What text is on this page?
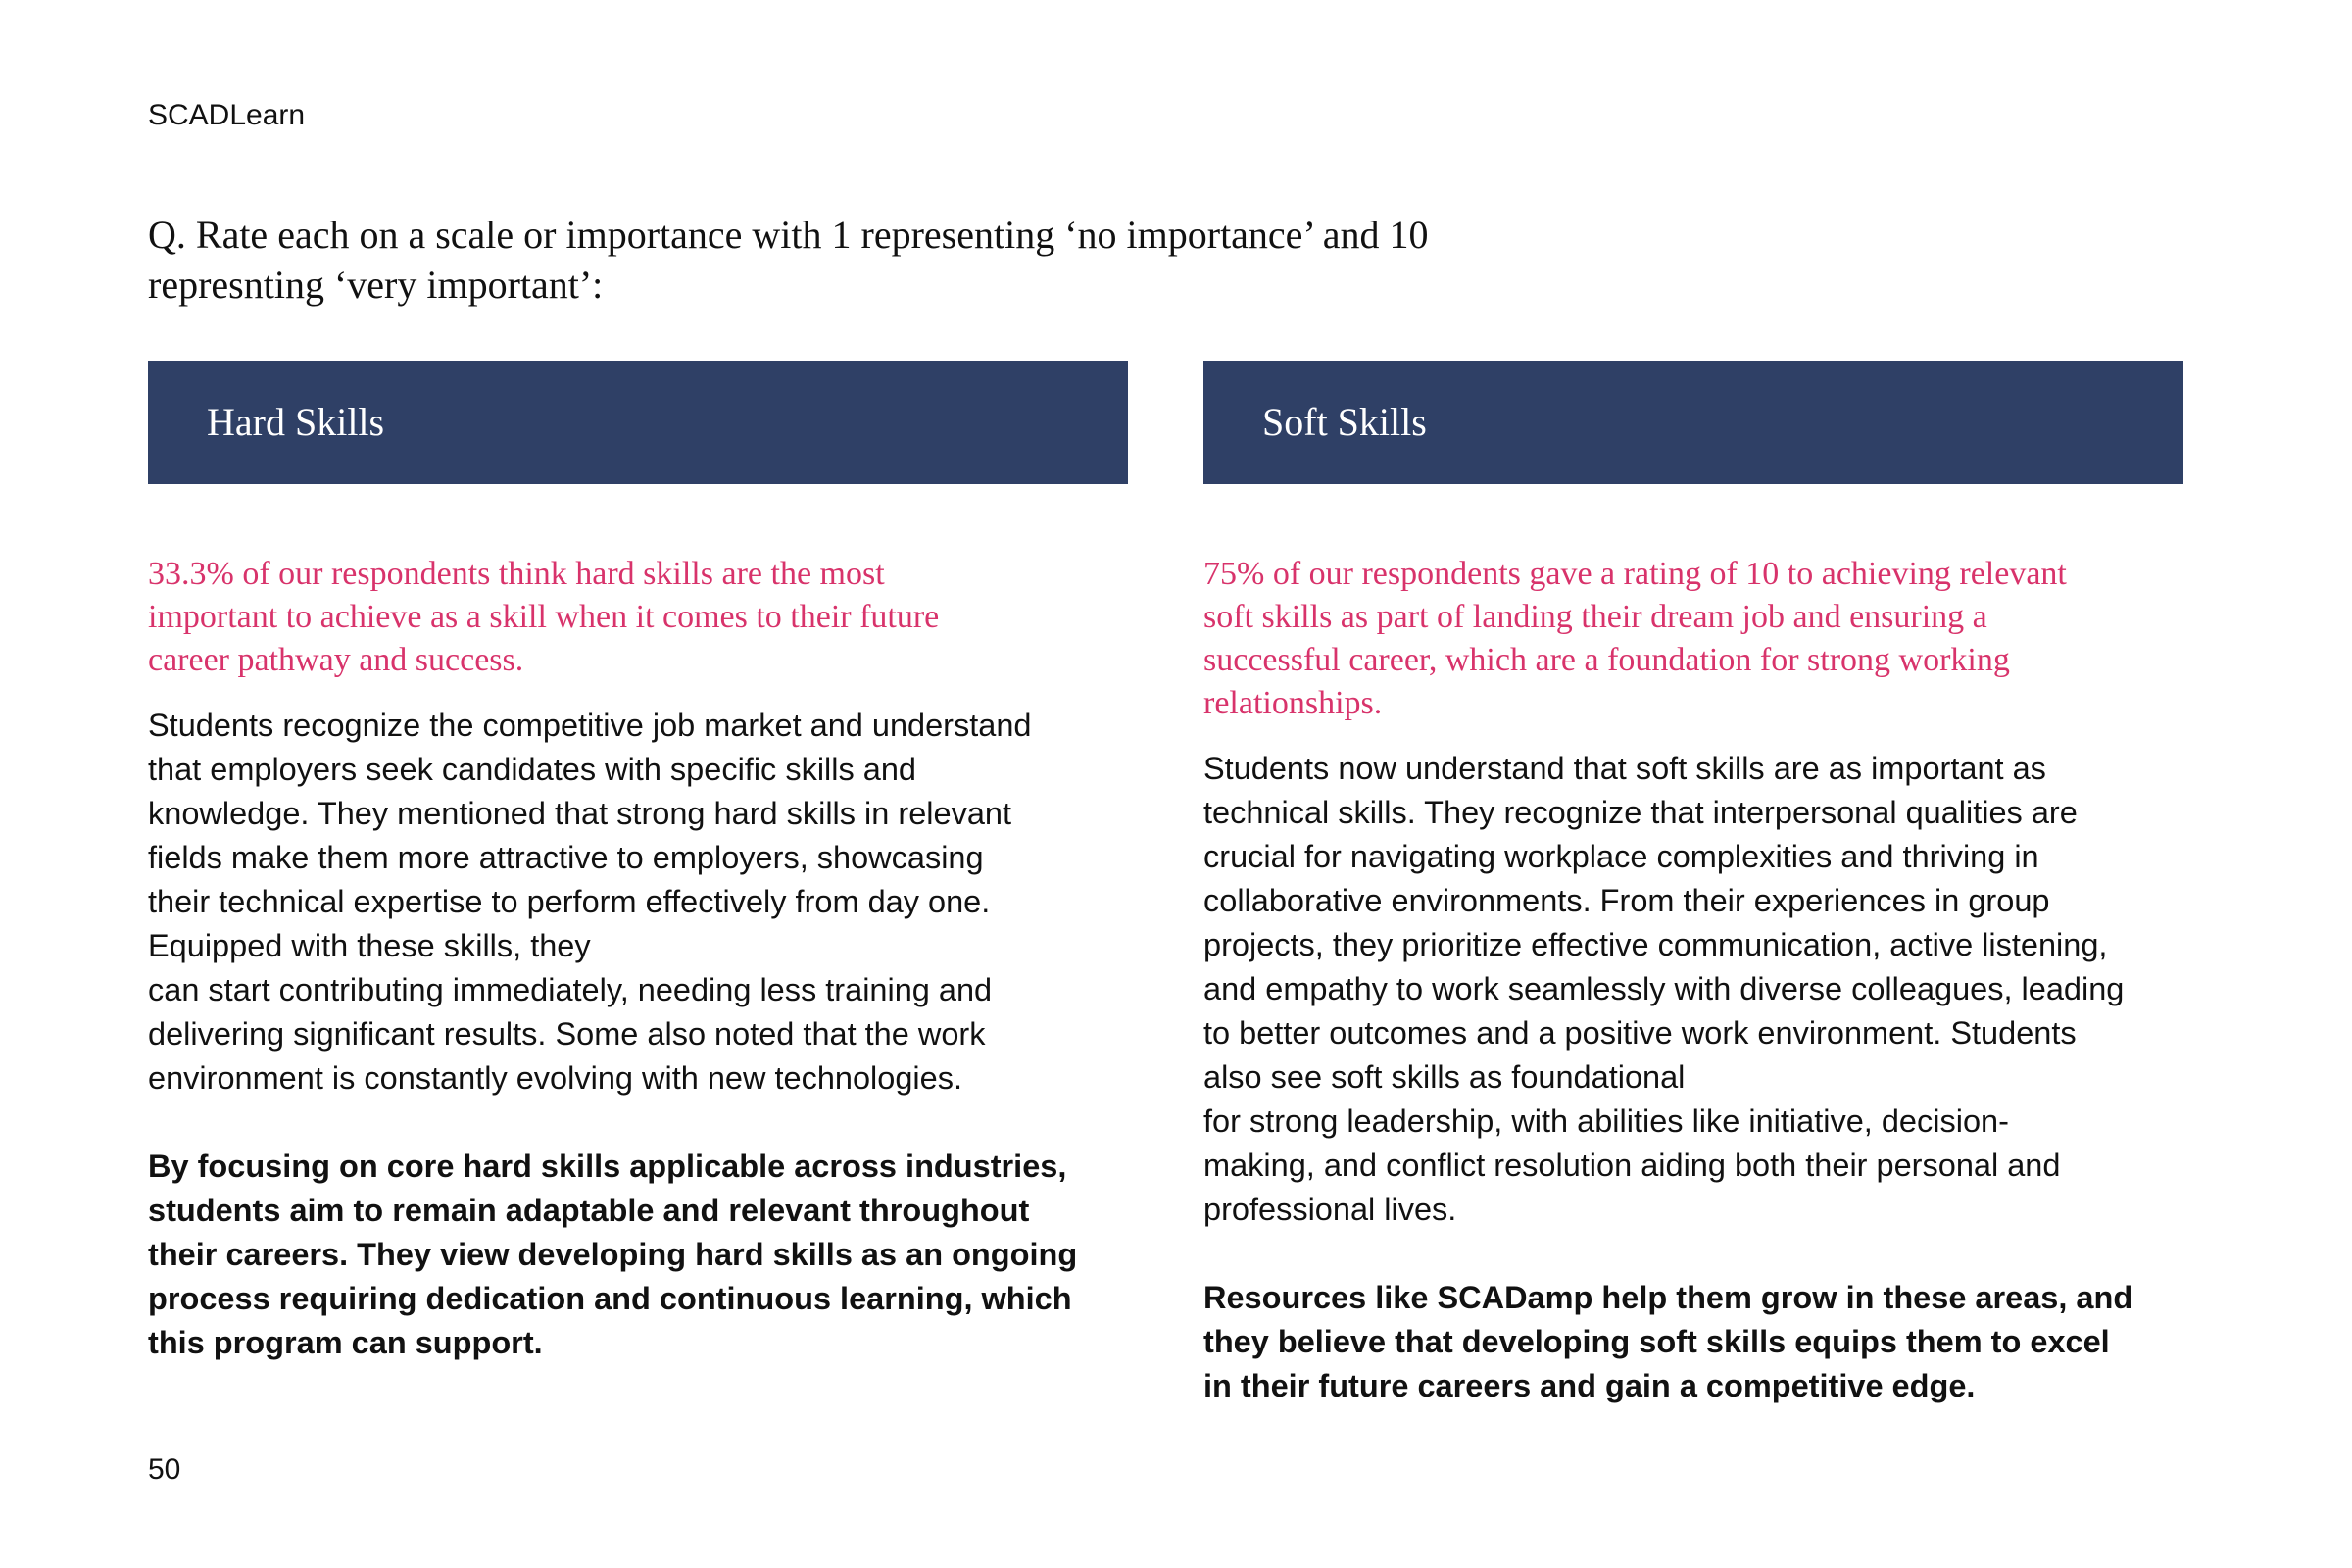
SCADLearn
Q. Rate each on a scale or importance with 1 representing ‘no importance’ and 10
represnting ‘very important’:
Hard Skills
33.3% of our respondents think hard skills are the most
important to achieve as a skill when it comes to their future
career pathway and success.
Students recognize the competitive job market and understand
that employers seek candidates with specific skills and
knowledge. They mentioned that strong hard skills in relevant
fields make them more attractive to employers, showcasing
their technical expertise to perform effectively from day one.
Equipped with these skills, they
can start contributing immediately, needing less training and
delivering significant results. Some also noted that the work
environment is constantly evolving with new technologies.
By focusing on core hard skills applicable across industries,
students aim to remain adaptable and relevant throughout
their careers. They view developing hard skills as an ongoing
process requiring dedication and continuous learning, which
this program can support.
Soft Skills
75% of our respondents gave a rating of 10 to achieving relevant
soft skills as part of landing their dream job and ensuring a
successful career, which are a foundation for strong working
relationships.
Students now understand that soft skills are as important as
technical skills. They recognize that interpersonal qualities are
crucial for navigating workplace complexities and thriving in
collaborative environments. From their experiences in group
projects, they prioritize effective communication, active listening,
and empathy to work seamlessly with diverse colleagues, leading
to better outcomes and a positive work environment. Students
also see soft skills as foundational
for strong leadership, with abilities like initiative, decision-
making, and conflict resolution aiding both their personal and
professional lives.
Resources like SCADamp help them grow in these areas, and
they believe that developing soft skills equips them to excel
in their future careers and gain a competitive edge.
50
